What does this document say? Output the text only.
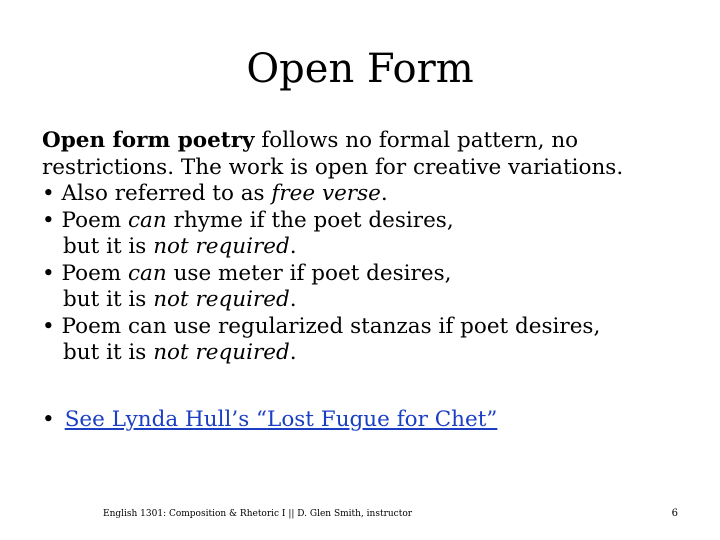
Open Form
Open form poetry follows no formal pattern, no
restrictions. The work is open for creative variations.
• Also referred to as free verse.
• Poem can rhyme if the poet desires,
but it is not required.
• Poem can use meter if poet desires,
but it is not required.
• Poem can use regularized stanzas if poet desires,
but it is not required.
• See Lynda Hull’s “Lost Fugue for Chet”
English 1301: Composition & Rhetoric I || D. Glen Smith, instructor	6
